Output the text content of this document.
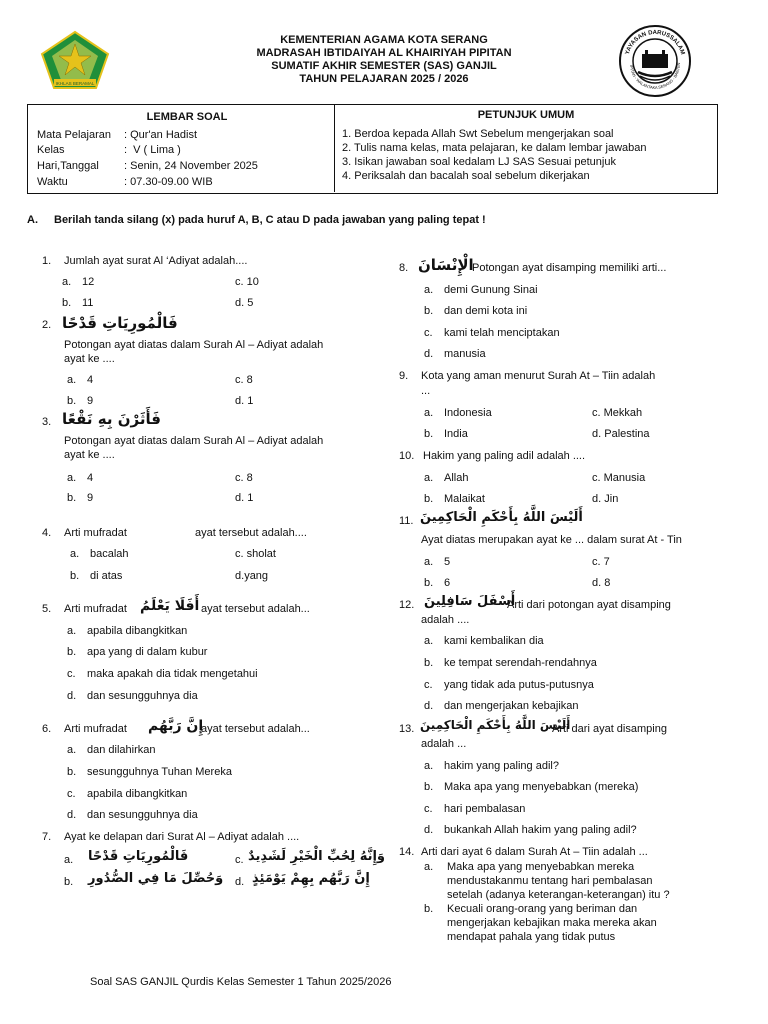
IKHLAS BERAMAL
KEMENTERIAN AGAMA KOTA SERANG
MADRASAH IBTIDAIYAH AL KHAIRIYAH PIPITAN
SUMATIF AKHIR SEMESTER (SAS) GANJIL
TAHUN PELAJARAN 2025 / 2026
YAYASAN DARUSSALAM
IPITAN - WALANTAKA SERANG - BANTEN
LEMBAR SOAL
Mata Pelajaran : Qur'an Hadist
Kelas	:  V ( Lima )
Hari,Tanggal : Senin, 24 November 2025
Waktu	: 07.30-09.00 WIB
PETUNJUK UMUM
1. Berdoa kepada Allah Swt Sebelum mengerjakan soal
2. Tulis nama kelas, mata pelajaran, ke dalam lembar jawaban
3. Isikan jawaban soal kedalam LJ SAS Sesuai petunjuk
4. Periksalah dan bacalah soal sebelum dikerjakan
A. Berilah tanda silang (x) pada huruf A, B, C atau D pada jawaban yang paling tepat !
1. Jumlah ayat surat Al ‘Adiyat adalah....
a. 12
b. 11
c. 10
d. 5
2. فَالْمُورِيَاتِ قَدْحًا
Potongan ayat diatas dalam Surah Al – Adiyat adalah
ayat ke ....
a. 4
b. 9
c. 8
d. 1
3. فَأَثَرْنَ بِهِ نَقْعًا
Potongan ayat diatas dalam Surah Al – Adiyat adalah
ayat ke ....
a. 4
b. 9
c. 8
d. 1
4. Arti mufradat	ayat tersebut adalah....
a. bacalah
b. di atas
c. sholat
d.yang
5. Arti mufradat أَفَلَا يَعْلَمُ ayat tersebut adalah...
a. apabila dibangkitkan
b. apa yang di dalam kubur
c. maka apakah dia tidak mengetahui
d. dan sesungguhnya dia
6. Arti mufradat إِنَّ رَبَّهُم
ayat tersebut adalah...
a. dan dilahirkan
b. sesungguhnya Tuhan Mereka
c. apabila dibangkitkan
d. dan sesungguhnya dia
7. Ayat ke delapan dari Surat Al – Adiyat adalah ....
a. فَالْمُورِيَاتِ قَدْحًا
b. وَحُصِّلَ مَا فِي الصُّدُورِ
c. وَإِنَّهُ لِحُبِّ الْخَيْرِ لَشَدِيدٌ
d. إِنَّ رَبَّهُم بِهِمْ يَوْمَئِذٍ
8. الْإِنْسَانَ
Potongan ayat disamping memiliki arti...
a. demi Gunung Sinai
b. dan demi kota ini
c. kami telah menciptakan
d. manusia
9. Kota yang aman menurut Surah At – Tiin adalah
...
a. Indonesia
b. India
c. Mekkah
d. Palestina
10. Hakim yang paling adil adalah ....
a. Allah
b. Malaikat
c. Manusia
d. Jin
11. أَلَيْسَ اللَّهُ بِأَحْكَمِ الْحَاكِمِينَ
Ayat diatas merupakan ayat ke ... dalam surat At - Tin
a. 5
b. 6
c. 7
d. 8
12. أَسْفَلَ سَافِلِينَ
Arti dari potongan ayat disamping
adalah ....
a. kami kembalikan dia
b. ke tempat serendah-rendahnya
c. yang tidak ada putus-putusnya
d. dan mengerjakan kebajikan
13. أَلَيْسَ اللَّهُ بِأَحْكَمِ الْحَاكِمِينَ
Arti dari ayat disamping
adalah ...
a. hakim yang paling adil?
b. Maka apa yang menyebabkan (mereka)
c. hari pembalasan
d. bukankah Allah hakim yang paling adil?
14. Arti dari ayat 6 dalam Surah At – Tiin adalah ...
a. Maka apa yang menyebabkan mereka
mendustakanmu tentang hari pembalasan
setelah (adanya keterangan-keterangan) itu ?
b. Kecuali orang-orang yang beriman dan
mengerjakan kebajikan maka mereka akan
mendapat pahala yang tidak putus
Soal SAS GANJIL Qurdis Kelas Semester 1 Tahun 2025/2026
